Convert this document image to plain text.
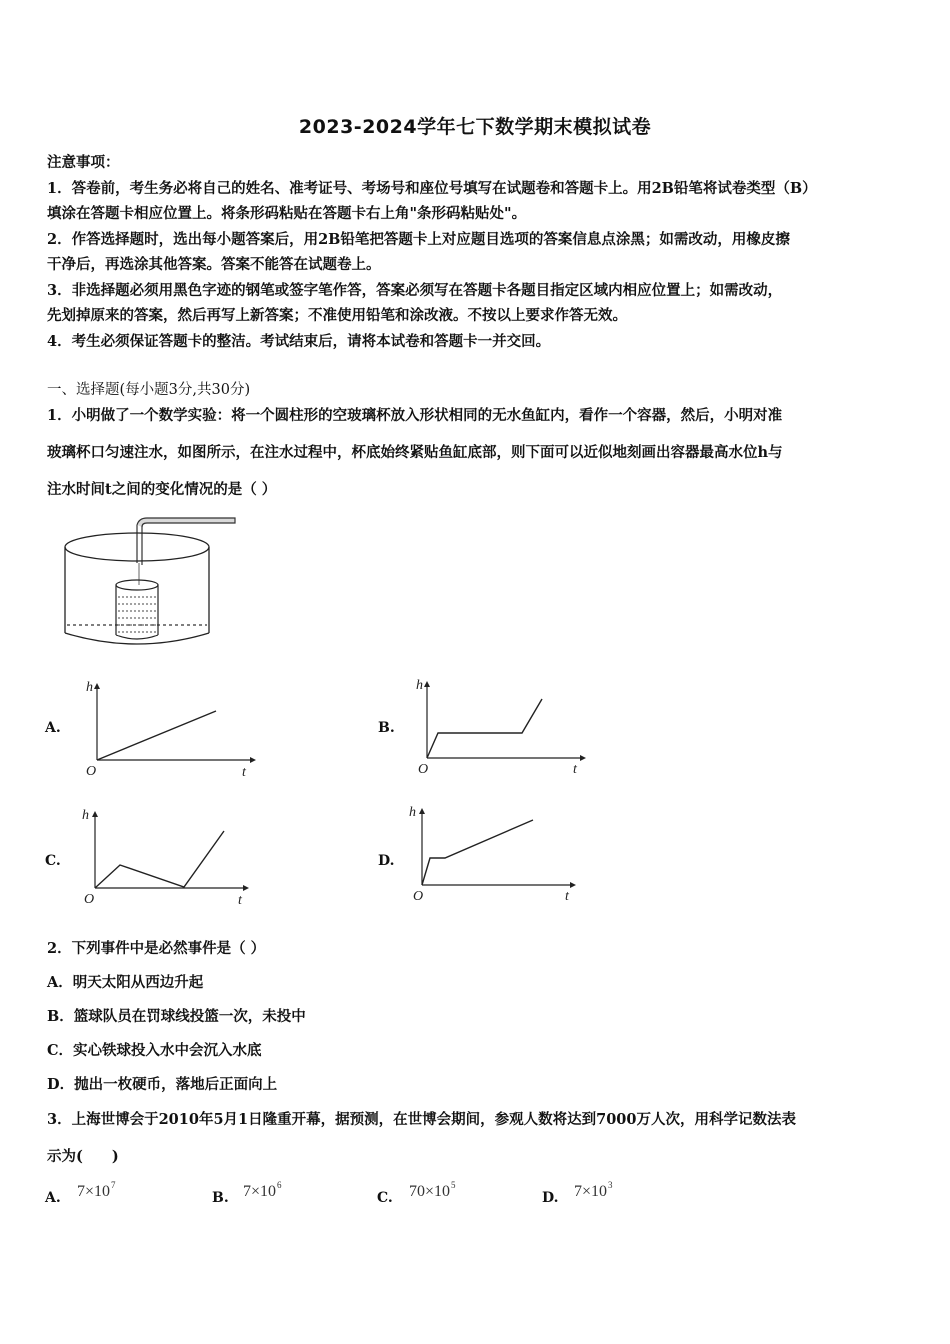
2023-2024学年七下数学期末模拟试卷
注意事项：
1．答卷前，考生务必将自己的姓名、准考证号、考场号和座位号填写在试题卷和答题卡上。用2B铅笔将试卷类型（B）
填涂在答题卡相应位置上。将条形码粘贴在答题卡右上角"条形码粘贴处"。
2．作答选择题时，选出每小题答案后，用2B铅笔把答题卡上对应题目选项的答案信息点涂黑；如需改动，用橡皮擦
干净后，再选涂其他答案。答案不能答在试题卷上。
3．非选择题必须用黑色字迹的钢笔或签字笔作答，答案必须写在答题卡各题目指定区域内相应位置上；如需改动，
先划掉原来的答案，然后再写上新答案；不准使用铅笔和涂改液。不按以上要求作答无效。
4．考生必须保证答题卡的整洁。考试结束后，请将本试卷和答题卡一并交回。
一、选择题(每小题3分,共30分)
1．小明做了一个数学实验：将一个圆柱形的空玻璃杯放入形状相同的无水鱼缸内，看作一个容器，然后，小明对准
玻璃杯口匀速注水，如图所示，在注水过程中，杯底始终紧贴鱼缸底部，则下面可以近似地刻画出容器最高水位h与
注水时间t之间的变化情况的是（ ）
A.
h
O	t
B.
h
O	t
C.
h
O	t
D.
h
O	t
2．下列事件中是必然事件是（ ）
A．明天太阳从西边升起
B．篮球队员在罚球线投篮一次，未投中
C．实心铁球投入水中会沉入水底
D．抛出一枚硬币，落地后正面向上
3．上海世博会于2010年5月1日隆重开幕，据预测，在世博会期间，参观人数将达到7000万人次，用科学记数法表
示为(　　)
A. $7\times 10^7$
B. $7\times 10^6$
C. $70\times 10^5$
D. $7\times 10^3$
